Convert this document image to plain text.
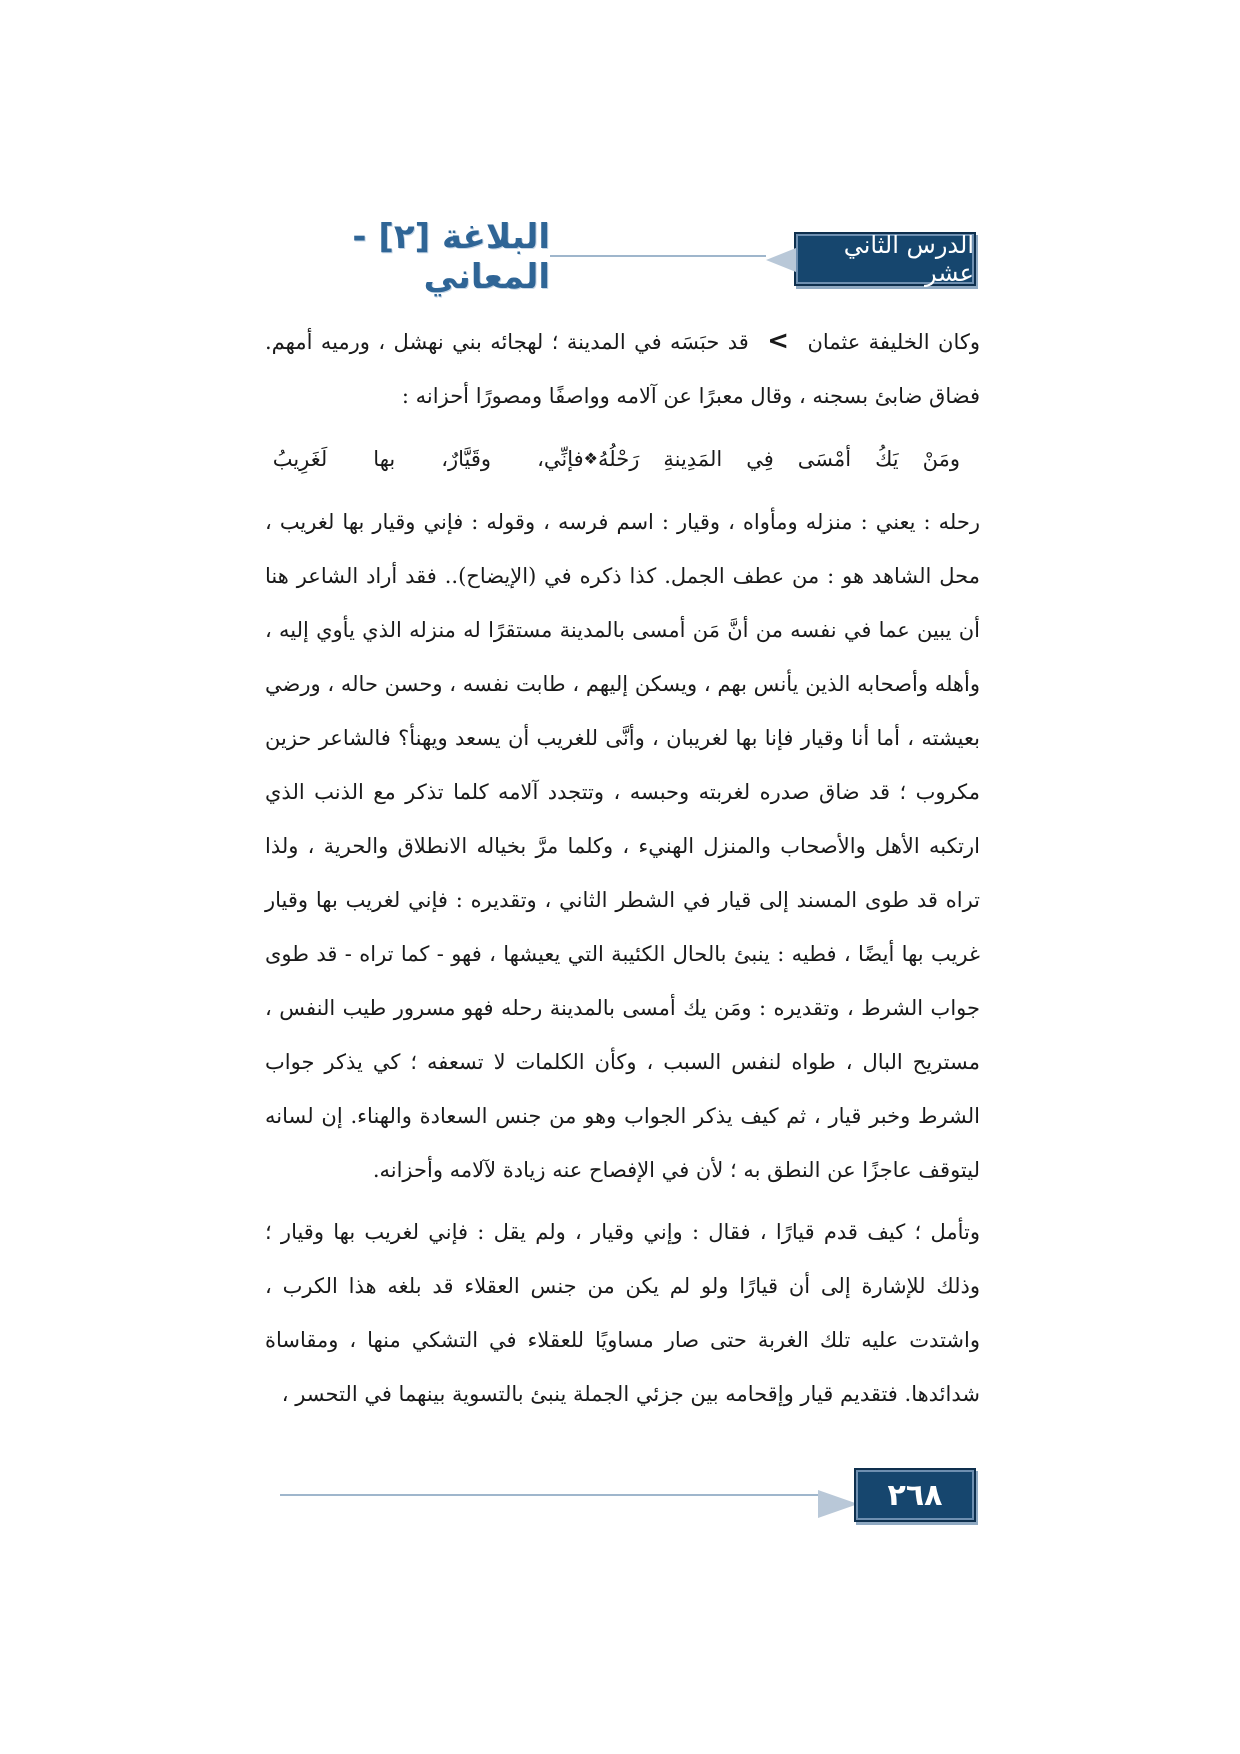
البلاغة [٢] - المعاني
الدرس الثاني عشر

وكان الخليفة عثمان > قد حبَسَه في المدينة ؛ لهجائه بني نهشل ، ورميه أمهم. فضاق ضابئ بسجنه ، وقال معبرًا عن آلامه وواصفًا ومصورًا أحزانه :

ومَنْ
يَكُ
أمْسَى
فِي
المَدِينةِ
رَحْلُهُ
❖
فإنِّي،
وقَيَّارٌ،
بها
لَغَرِيبُ

رحله : يعني : منزله ومأواه ، وقيار : اسم فرسه ، وقوله : فإني وقيار بها لغريب ، محل الشاهد هو : من عطف الجمل. كذا ذكره في (الإيضاح).. فقد أراد الشاعر هنا أن يبين عما في نفسه من أنَّ مَن أمسى بالمدينة مستقرًا له منزله الذي يأوي إليه ، وأهله وأصحابه الذين يأنس بهم ، ويسكن إليهم ، طابت نفسه ، وحسن حاله ، ورضي بعيشته ، أما أنا وقيار فإنا بها لغريبان ، وأنَّى للغريب أن يسعد ويهنأ؟ فالشاعر حزين مكروب ؛ قد ضاق صدره لغربته وحبسه ، وتتجدد آلامه كلما تذكر مع الذنب الذي ارتكبه الأهل والأصحاب والمنزل الهنيء ، وكلما مرَّ بخياله الانطلاق والحرية ، ولذا تراه قد طوى المسند إلى قيار في الشطر الثاني ، وتقديره : فإني لغريب بها وقيار غريب بها أيضًا ، فطيه : ينبئ بالحال الكئيبة التي يعيشها ، فهو - كما تراه - قد طوى جواب الشرط ، وتقديره : ومَن يك أمسى بالمدينة رحله فهو مسرور طيب النفس ، مستريح البال ، طواه لنفس السبب ، وكأن الكلمات لا تسعفه ؛ كي يذكر جواب الشرط وخبر قيار ، ثم كيف يذكر الجواب وهو من جنس السعادة والهناء. إن لسانه ليتوقف عاجزًا عن النطق به ؛ لأن في الإفصاح عنه زيادة لآلامه وأحزانه.

وتأمل ؛ كيف قدم قيارًا ، فقال : وإني وقيار ، ولم يقل : فإني لغريب بها وقيار ؛ وذلك للإشارة إلى أن قيارًا ولو لم يكن من جنس العقلاء قد بلغه هذا الكرب ، واشتدت عليه تلك الغربة حتى صار مساويًا للعقلاء في التشكي منها ، ومقاساة شدائدها. فتقديم قيار وإقحامه بين جزئي الجملة ينبئ بالتسوية بينهما في التحسر ،

٢٦٨
